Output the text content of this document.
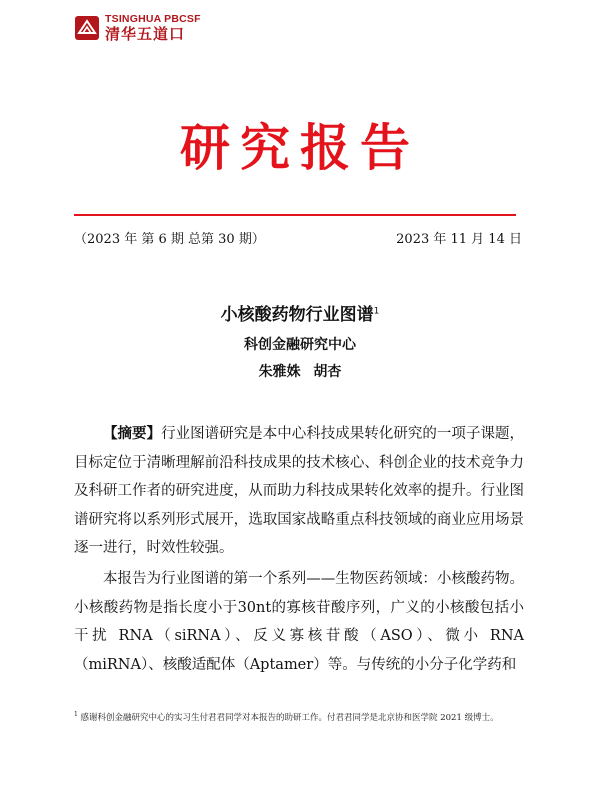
TSINGHUA PBCSF
清华五道口
研究报告
（2023 年 第 6 期 总第 30 期）	2023 年 11 月 14 日
小核酸药物行业图谱$^1$
科创金融研究中心
朱雅姝 胡杏
【摘要】行业图谱研究是本中心科技成果转化研究的一项子课题，目标定位于清晰理解前沿科技成果的技术核心、科创企业的技术竞争力及科研工作者的研究进度，从而助力科技成果转化效率的提升。行业图谱研究将以系列形式展开，选取国家战略重点科技领域的商业应用场景逐一进行，时效性较强。
本报告为行业图谱的第一个系列——生物医药领域：小核酸药物。小核酸药物是指长度小于30nt的寡核苷酸序列，广义的小核酸包括小干扰 RNA（siRNA）、反义寡核苷酸（ASO）、微小 RNA（miRNA）、核酸适配体（Aptamer）等。与传统的小分子化学药和
$^1$ 感谢科创金融研究中心的实习生付君君同学对本报告的助研工作。付君君同学是北京协和医学院 2021 级博士。
